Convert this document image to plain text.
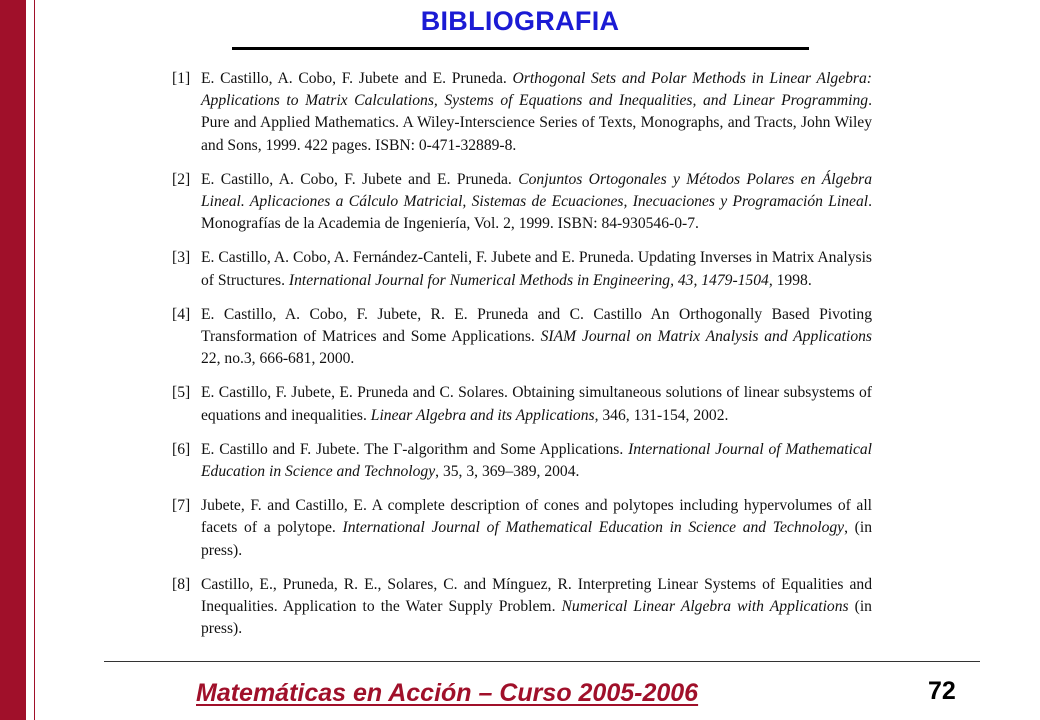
BIBLIOGRAFIA
[1] E. Castillo, A. Cobo, F. Jubete and E. Pruneda. Orthogonal Sets and Polar Methods in Linear Algebra: Applications to Matrix Calculations, Systems of Equations and Inequalities, and Linear Programming. Pure and Applied Mathematics. A Wiley-Interscience Series of Texts, Monographs, and Tracts, John Wiley and Sons, 1999. 422 pages. ISBN: 0-471-32889-8.
[2] E. Castillo, A. Cobo, F. Jubete and E. Pruneda. Conjuntos Ortogonales y Métodos Polares en Álgebra Lineal. Aplicaciones a Cálculo Matricial, Sistemas de Ecuaciones, Inecuaciones y Programación Lineal. Monografías de la Academia de Ingeniería, Vol. 2, 1999. ISBN: 84-930546-0-7.
[3] E. Castillo, A. Cobo, A. Fernández-Canteli, F. Jubete and E. Pruneda. Updating Inverses in Matrix Analysis of Structures. International Journal for Numerical Methods in Engineering, 43, 1479-1504, 1998.
[4] E. Castillo, A. Cobo, F. Jubete, R. E. Pruneda and C. Castillo An Orthogonally Based Pivoting Transformation of Matrices and Some Applications. SIAM Journal on Matrix Analysis and Applications 22, no.3, 666-681, 2000.
[5] E. Castillo, F. Jubete, E. Pruneda and C. Solares. Obtaining simultaneous solutions of linear subsystems of equations and inequalities. Linear Algebra and its Applications, 346, 131-154, 2002.
[6] E. Castillo and F. Jubete. The Γ-algorithm and Some Applications. International Journal of Mathematical Education in Science and Technology, 35, 3, 369–389, 2004.
[7] Jubete, F. and Castillo, E. A complete description of cones and polytopes including hypervolumes of all facets of a polytope. International Journal of Mathematical Education in Science and Technology, (in press).
[8] Castillo, E., Pruneda, R. E., Solares, C. and Mínguez, R. Interpreting Linear Systems of Equalities and Inequalities. Application to the Water Supply Problem. Numerical Linear Algebra with Applications (in press).
Matemáticas en Acción – Curso 2005-2006	72
